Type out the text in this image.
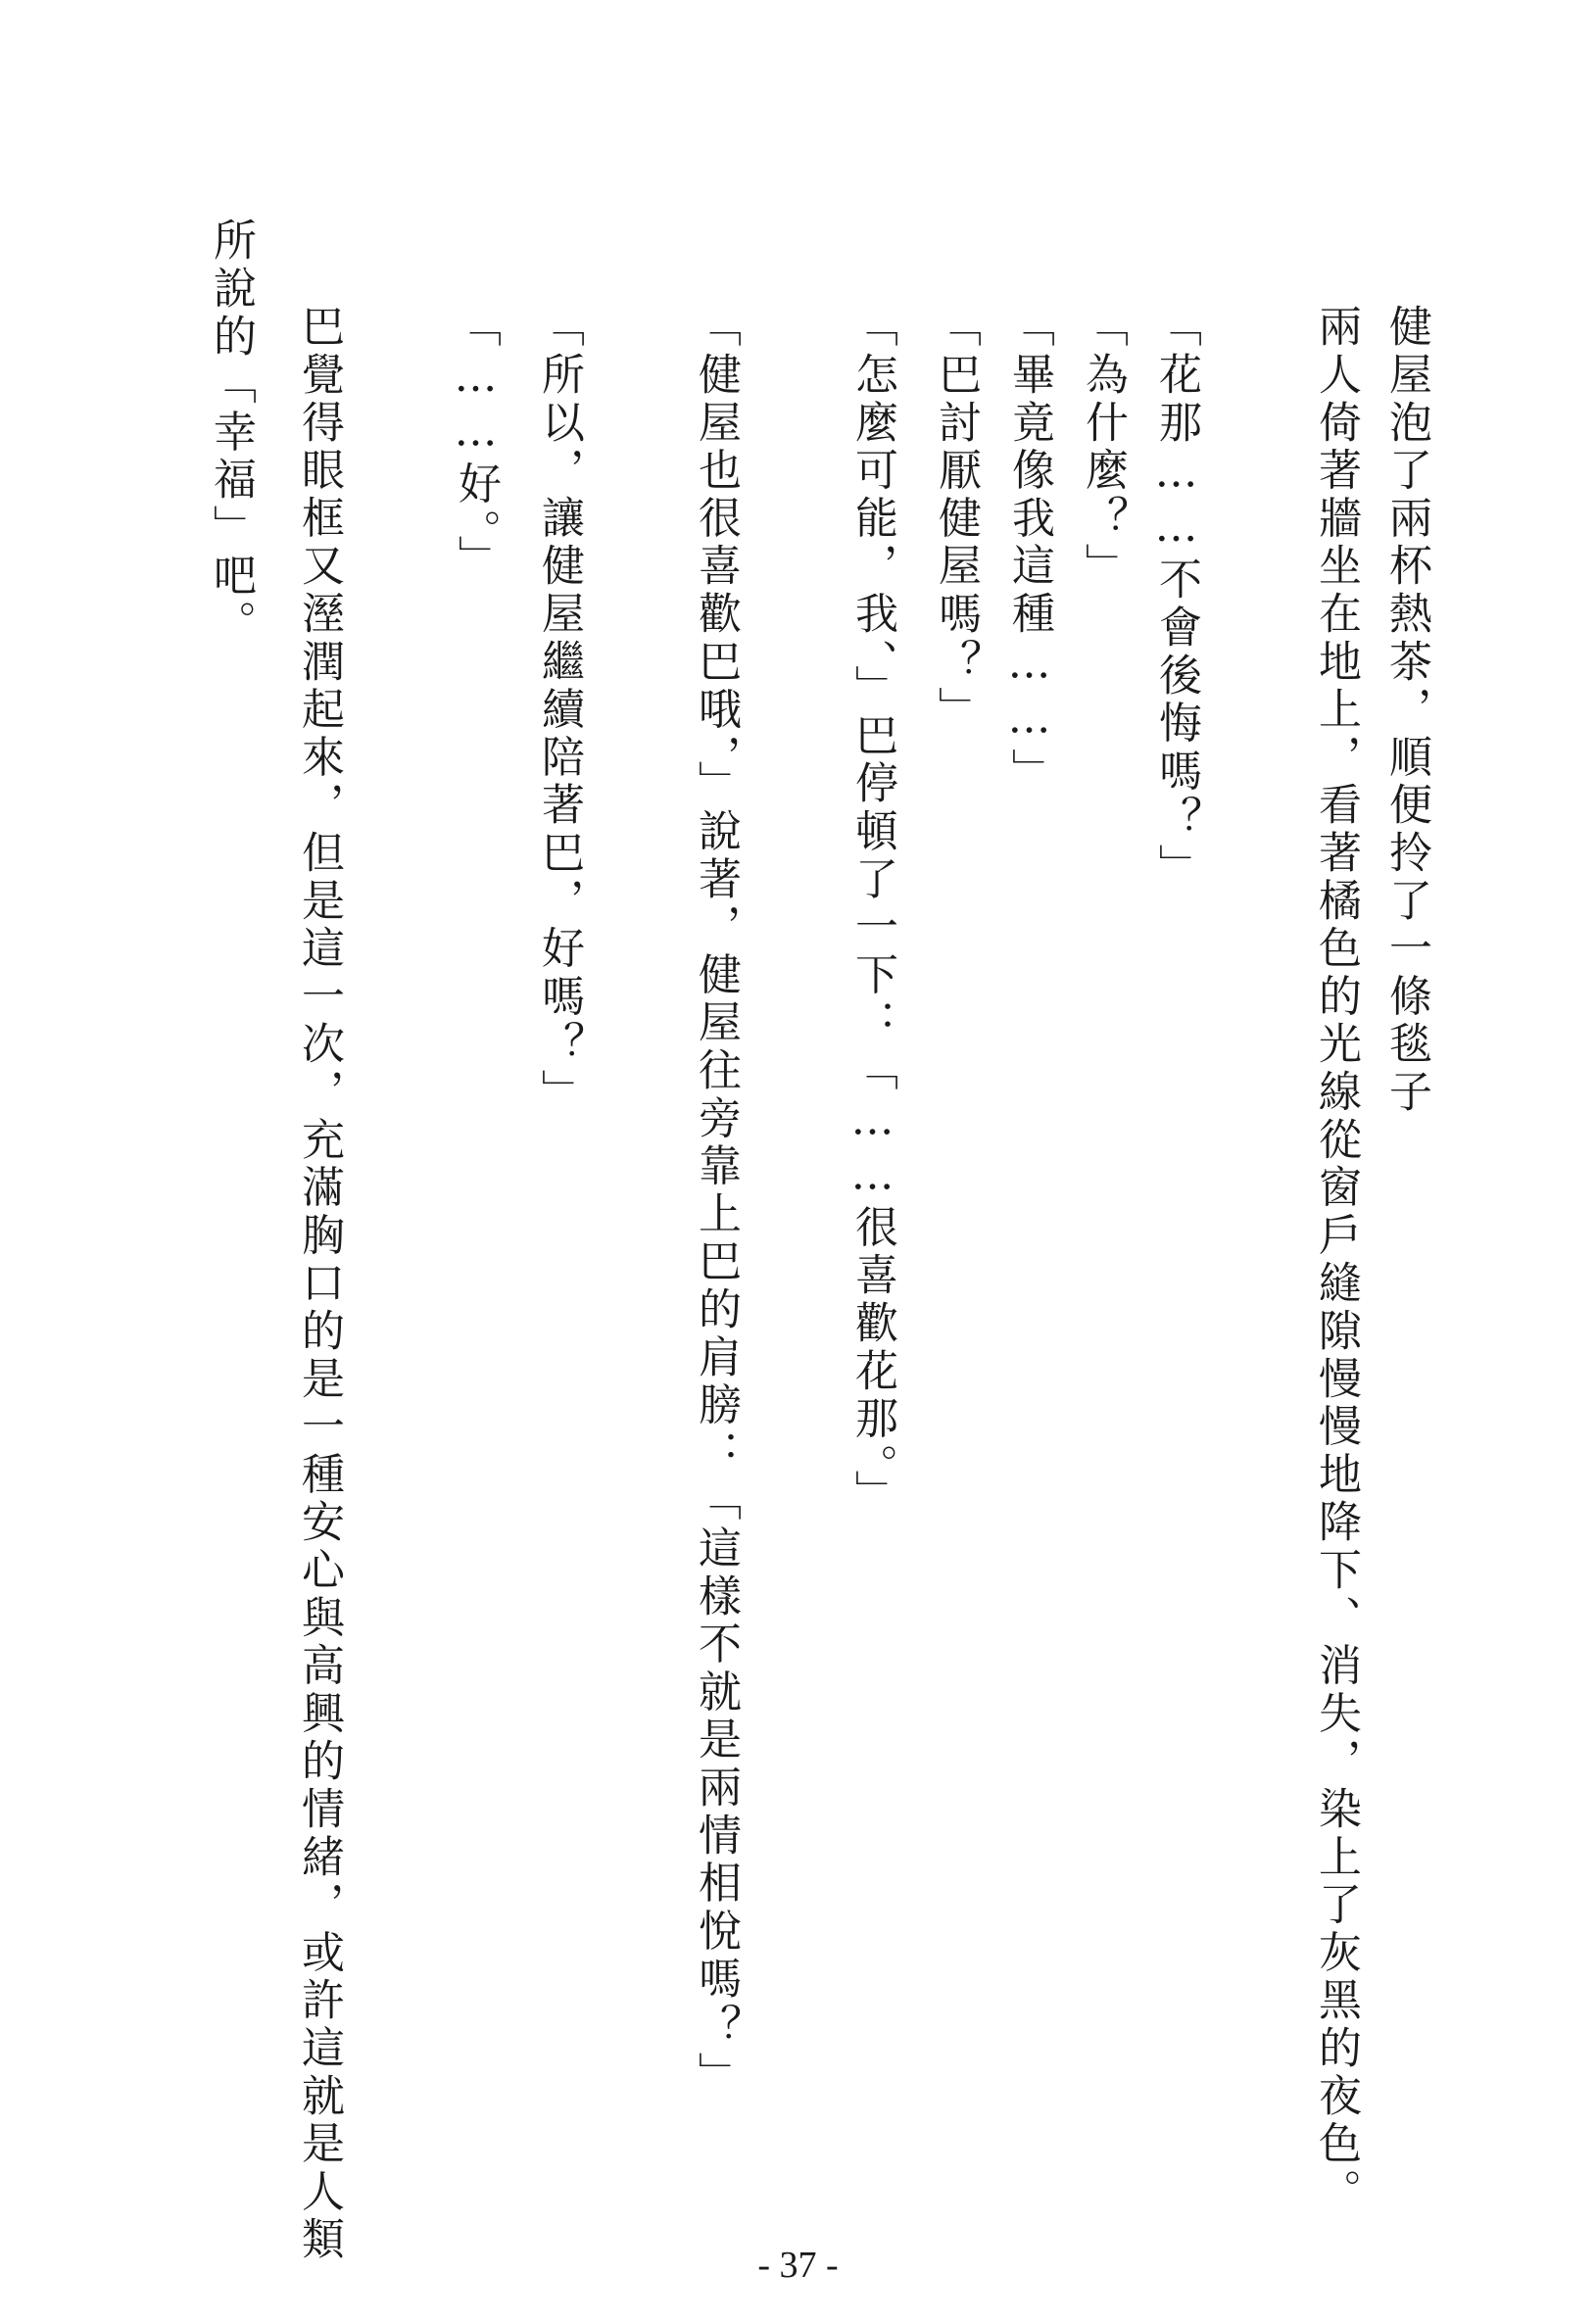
健屋泡了兩杯熱茶，順便拎了一條毯子
兩人倚著牆坐在地上，看著橘色的光線從窗戶縫隙慢慢地降下、消失，染上了灰黑的夜色。
「花那……不會後悔嗎？」
「為什麼？」
「畢竟像我這種……」
「巴討厭健屋嗎？」
「怎麼可能，我、」巴停頓了一下：「……很喜歡花那。」
「健屋也很喜歡巴哦，」說著，健屋往旁靠上巴的肩膀：「這樣不就是兩情相悅嗎？」
「所以，讓健屋繼續陪著巴，好嗎？」
「……好。」
巴覺得眼框又溼潤起來，但是這一次，充滿胸口的是一種安心與高興的情緒，或許這就是人類
所說的「幸福」吧。
- 37 -
